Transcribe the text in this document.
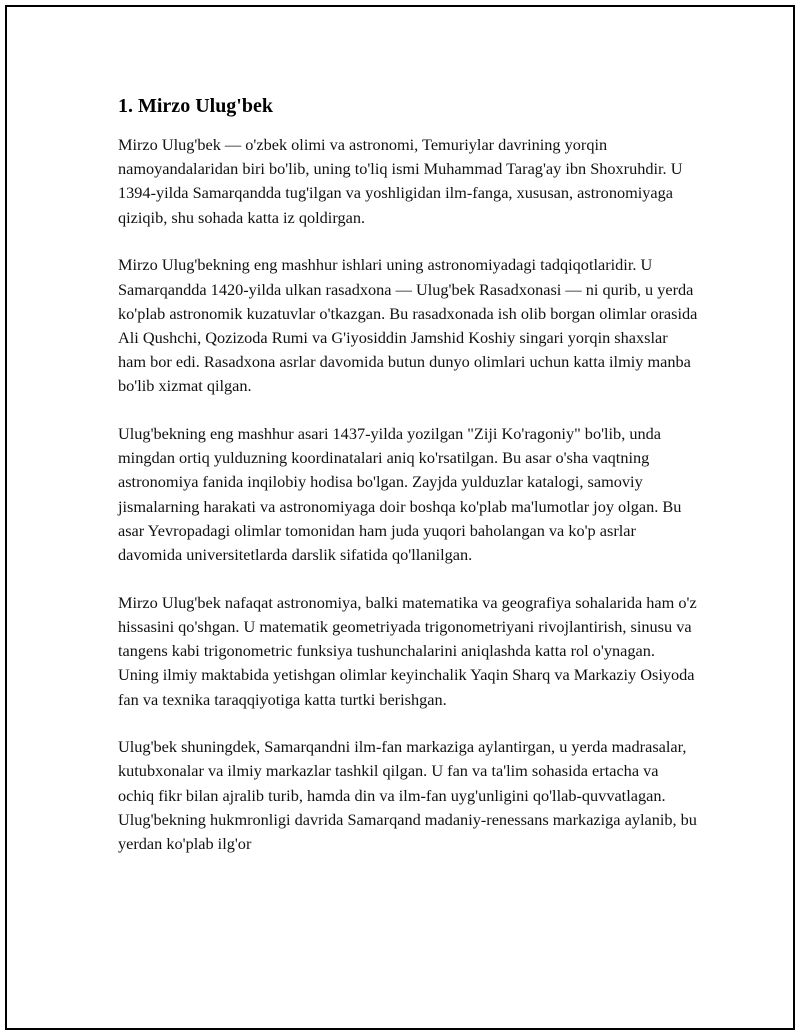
1. Mirzo Ulug'bek

Mirzo Ulug'bek — o'zbek olimi va astronomi, Temuriylar davrining yorqin namoyandalaridan biri bo'lib, uning to'liq ismi Muhammad Tarag'ay ibn Shoxruhdir. U 1394-yilda Samarqandda tug'ilgan va yoshligidan ilm-fanga, xususan, astronomiyaga qiziqib, shu sohada katta iz qoldirgan.

Mirzo Ulug'bekning eng mashhur ishlari uning astronomiyadagi tadqiqotlaridir. U Samarqandda 1420-yilda ulkan rasadxona — Ulug'bek Rasadxonasi — ni qurib, u yerda ko'plab astronomik kuzatuvlar o'tkazgan. Bu rasadxonada ish olib borgan olimlar orasida Ali Qushchi, Qozizoda Rumi va G'iyosiddin Jamshid Koshiy singari yorqin shaxslar ham bor edi. Rasadxona asrlar davomida butun dunyo olimlari uchun katta ilmiy manba bo'lib xizmat qilgan.

Ulug'bekning eng mashhur asari 1437-yilda yozilgan "Ziji Ko'ragoniy" bo'lib, unda mingdan ortiq yulduzning koordinatalari aniq ko'rsatilgan. Bu asar o'sha vaqtning astronomiya fanida inqilobiy hodisa bo'lgan. Zayjda yulduzlar katalogi, samoviy jismalarning harakati va astronomiyaga doir boshqa ko'plab ma'lumotlar joy olgan. Bu asar Yevropadagi olimlar tomonidan ham juda yuqori baholangan va ko'p asrlar davomida universitetlarda darslik sifatida qo'llanilgan.

Mirzo Ulug'bek nafaqat astronomiya, balki matematika va geografiya sohalarida ham o'z hissasini qo'shgan. U matematik geometriyada trigonometriyani rivojlantirish, sinusu va tangens kabi trigonometric funksiya tushunchalarini aniqlashda katta rol o'ynagan. Uning ilmiy maktabida yetishgan olimlar keyinchalik Yaqin Sharq va Markaziy Osiyoda fan va texnika taraqqiyotiga katta turtki berishgan.

Ulug'bek shuningdek, Samarqandni ilm-fan markaziga aylantirgan, u yerda madrasalar, kutubxonalar va ilmiy markazlar tashkil qilgan. U fan va ta'lim sohasida ertacha va ochiq fikr bilan ajralib turib, hamda din va ilm-fan uyg'unligini qo'llab-quvvatlagan. Ulug'bekning hukmronligi davrida Samarqand madaniy-renessans markaziga aylanib, bu yerdan ko'plab ilg'or
